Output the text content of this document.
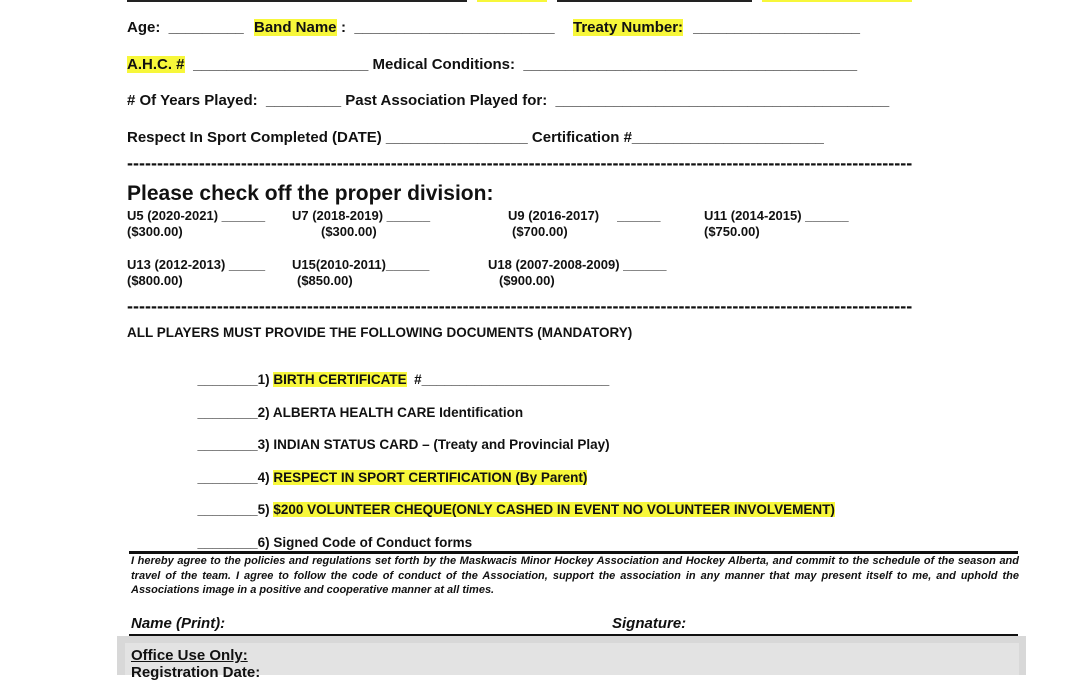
Age:  _________ Band Name :  ________________________ Treaty Number: ____________________
A.H.C. # _____________________ Medical Conditions:  ________________________________________
# Of Years Played:  _________ Past Association Played for:  ________________________________________
Respect In Sport Completed (DATE) _________________ Certification #_______________________
-----------------------------------------------------------------------------------------------------------------------------------
Please check off the proper division:
U5 (2020-2021) ______
($300.00)
U7 (2018-2019) ______
($300.00)
U9 (2016-2017)     ______
($700.00)
U11 (2014-2015) ______
($750.00)
U13 (2012-2013) _____
($800.00)
U15(2010-2011)______
($850.00)
U18 (2007-2008-2009) ______
($900.00)
-----------------------------------------------------------------------------------------------------------------------------------
ALL PLAYERS MUST PROVIDE THE FOLLOWING DOCUMENTS (MANDATORY)

________1) BIRTH CERTIFICATE  #_________________________

________2) ALBERTA HEALTH CARE Identification

________3) INDIAN STATUS CARD – (Treaty and Provincial Play)

________4) RESPECT IN SPORT CERTIFICATION (By Parent)

________5) $200 VOLUNTEER CHEQUE(ONLY CASHED IN EVENT NO VOLUNTEER INVOLVEMENT)

________6) Signed Code of Conduct forms

I hereby agree to the policies and regulations set forth by the Maskwacis Minor Hockey Association and Hockey Alberta, and commit to the schedule of the season and travel of the team. I agree to follow the code of conduct of the Association, support the association in any manner that may present itself to me, and uphold the Associations image in a positive and cooperative manner at all times.
Name (Print):	Signature:
Office Use Only:
Registration Date:
